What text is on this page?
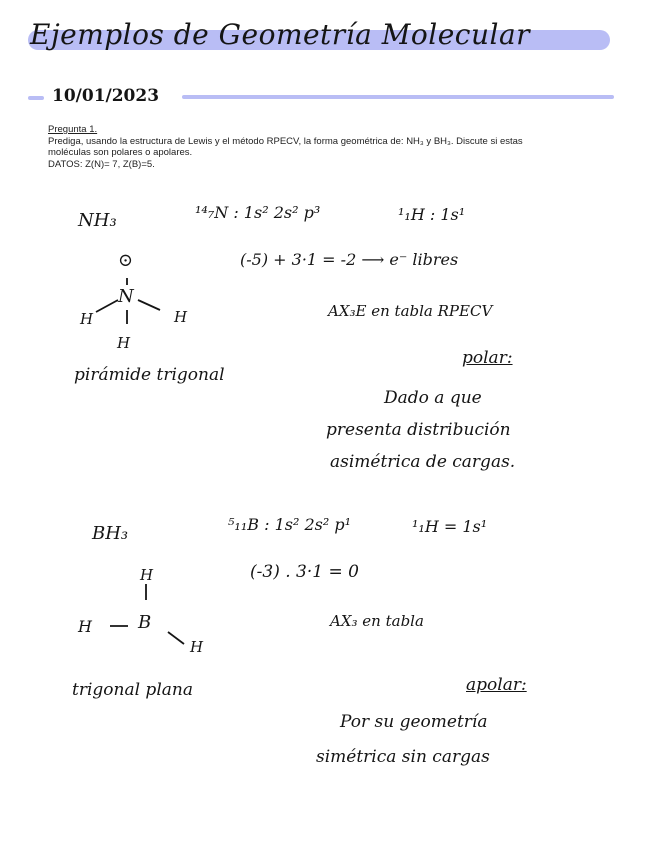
Ejemplos de Geometría Molecular
10/01/2023
Pregunta 1.
Prediga, usando la estructura de Lewis y el método RPECV, la forma geométrica de: NH₃ y BH₃. Discute si estas
moléculas son polares o apolares.
DATOS: Z(N)= 7, Z(B)=5.
NH₃	¹⁴₇N : 1s² 2s² p³	¹₁H : 1s¹
(-5) + 3·1 = -2 ⟶ e⁻ libres
⊙
N
H	H
H
AX₃E en tabla RPECV
pirámide trigonal
polar:
Dado a que
presenta distribución
asimétrica de cargas.
BH₃	⁵₁₁B : 1s² 2s² p¹	¹₁H = 1s¹
(-3) . 3·1 = 0
H
B
H
H
AX₃ en tabla
trigonal plana	apolar:
Por su geometría
simétrica sin cargas
